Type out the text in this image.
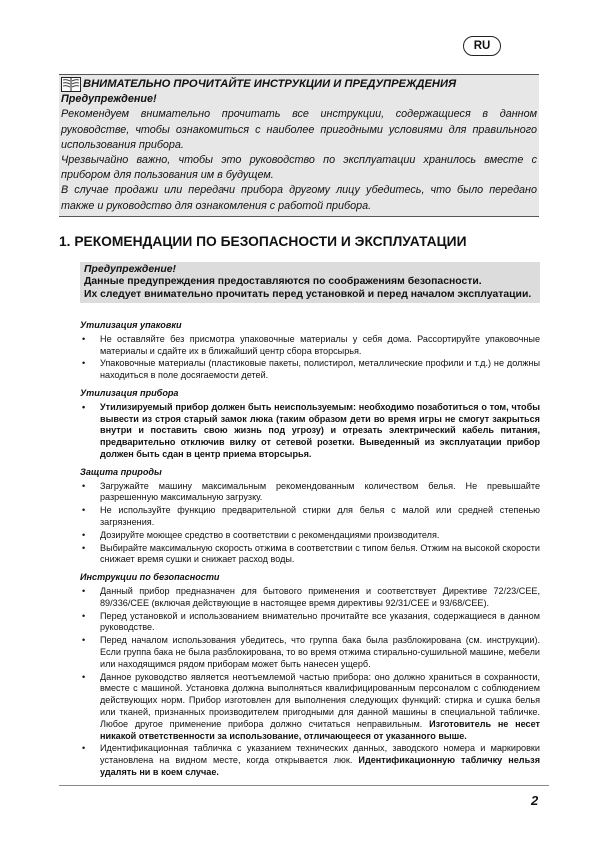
RU
ВНИМАТЕЛЬНО ПРОЧИТАЙТЕ ИНСТРУКЦИИ И ПРЕДУПРЕЖДЕНИЯ

Предупреждение!

Рекомендуем внимательно прочитать все инструкции, содержащиеся в данном руководстве, чтобы ознакомиться с наиболее пригодными условиями для правильного использования прибора.

Чрезвычайно важно, чтобы это руководство по эксплуатации хранилось вместе с прибором для пользования им в будущем.

В случае продажи или передачи прибора другому лицу убедитесь, что было передано также и руководство для ознакомления с работой прибора.

1. РЕКОМЕНДАЦИИ ПО БЕЗОПАСНОСТИ И ЭКСПЛУАТАЦИИ

Предупреждение!

Данные предупреждения предоставляются по соображениям безопасности.

Их следует внимательно прочитать перед установкой и перед началом эксплуатации.

Утилизация упаковки
• Не оставляйте без присмотра упаковочные материалы у себя дома. Рассортируйте упаковочные материалы и сдайте их в ближайший центр сбора вторсырья.
• Упаковочные материалы (пластиковые пакеты, полистирол, металлические профили и т.д.) не должны находиться в поле досягаемости детей.
Утилизация прибора
• Утилизируемый прибор должен быть неиспользуемым: необходимо позаботиться о том, чтобы вывести из строя старый замок люка (таким образом дети во время игры не смогут закрыться внутри и поставить свою жизнь под угрозу) и отрезать электрический кабель питания, предварительно отключив вилку от сетевой розетки. Выведенный из эксплуатации прибор должен быть сдан в центр приема вторсырья.
Защита природы
• Загружайте машину максимальным рекомендованным количеством белья. Не превышайте разрешенную максимальную загрузку.
• Не используйте функцию предварительной стирки для белья с малой или средней степенью загрязнения.
• Дозируйте моющее средство в соответствии с рекомендациями производителя.
• Выбирайте максимальную скорость отжима в соответствии с типом белья. Отжим на высокой скорости снижает время сушки и снижает расход воды.
Инструкции по безопасности
• Данный прибор предназначен для бытового применения и соответствует Директиве 72/23/CEE, 89/336/CEE (включая действующие в настоящее время директивы 92/31/CEE и 93/68/CEE).
• Перед установкой и использованием внимательно прочитайте все указания, содержащиеся в данном руководстве.
• Перед началом использования убедитесь, что группа бака была разблокирована (см. инструкции). Если группа бака не была разблокирована, то во время отжима стирально-сушильной машине, мебели или находящимся рядом приборам может быть нанесен ущерб.
• Данное руководство является неотъемлемой частью прибора: оно должно храниться в сохранности, вместе с машиной. Установка должна выполняться квалифицированным персоналом с соблюдением действующих норм. Прибор изготовлен для выполнения следующих функций: стирка и сушка белья или тканей, признанных производителем пригодными для данной машины в специальной табличке. Любое другое применение прибора должно считаться неправильным. Изготовитель не несет никакой ответственности за использование, отличающееся от указанного выше.
• Идентификационная табличка с указанием технических данных, заводского номера и маркировки установлена на видном месте, когда открывается люк. Идентификационную табличку нельзя удалять ни в коем случае.
2
